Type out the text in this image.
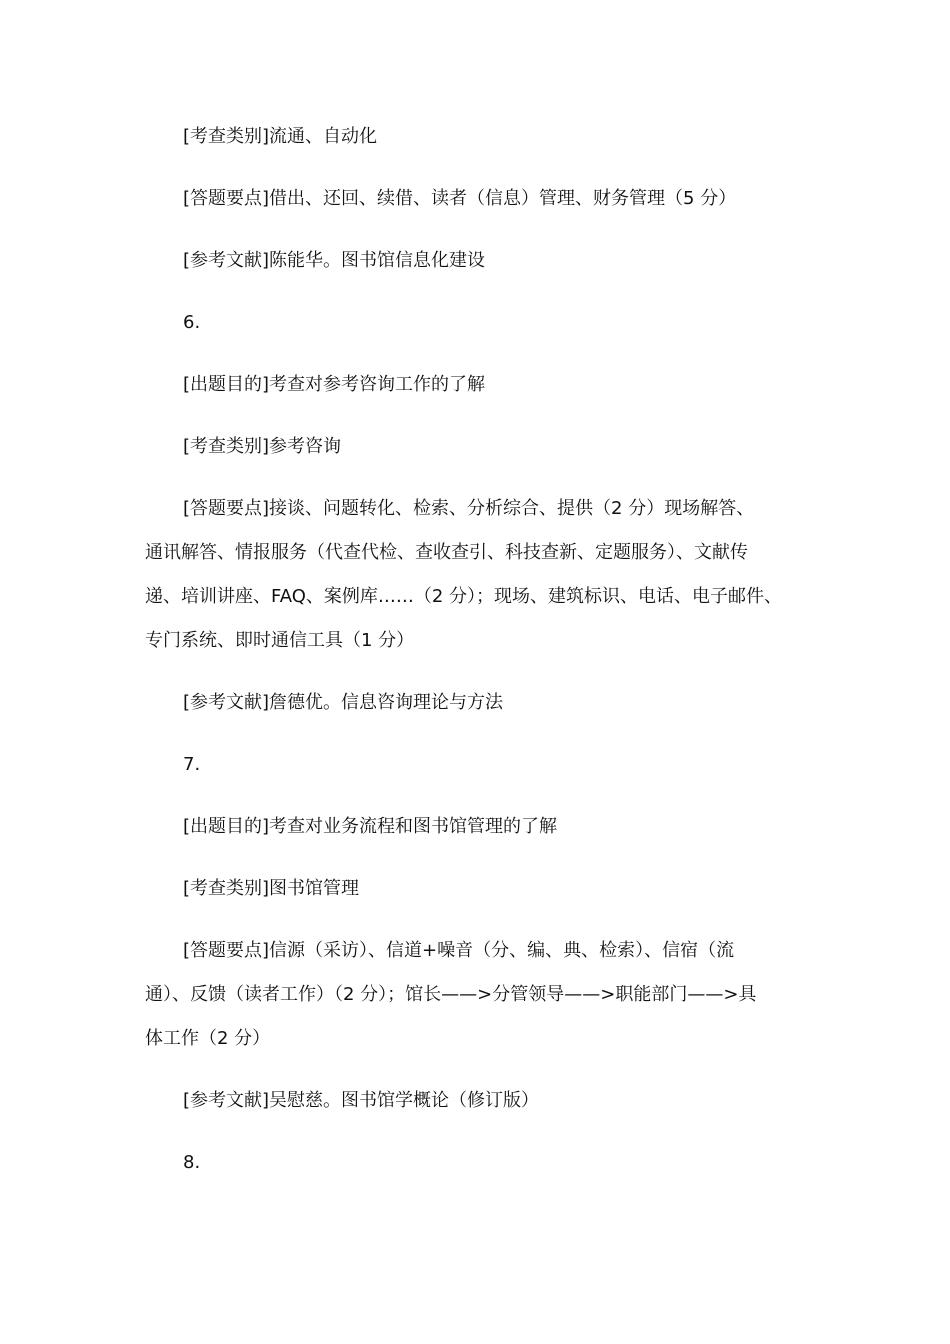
[考查类别]流通、自动化
[答题要点]借出、还回、续借、读者（信息）管理、财务管理（5 分）
[参考文献]陈能华。图书馆信息化建设
6.
[出题目的]考查对参考咨询工作的了解
[考查类别]参考咨询
[答题要点]接谈、问题转化、检索、分析综合、提供（2 分）现场解答、
通讯解答、情报服务（代查代检、查收查引、科技查新、定题服务）、文献传
递、培训讲座、FAQ、案例库……（2 分）；现场、建筑标识、电话、电子邮件、
专门系统、即时通信工具（1 分）
[参考文献]詹德优。信息咨询理论与方法
7.
[出题目的]考查对业务流程和图书馆管理的了解
[考查类别]图书馆管理
[答题要点]信源（采访）、信道+噪音（分、编、典、检索）、信宿（流
通）、反馈（读者工作）（2 分）；馆长——>分管领导——>职能部门——>具
体工作（2 分）
[参考文献]吴慰慈。图书馆学概论（修订版）
8.
